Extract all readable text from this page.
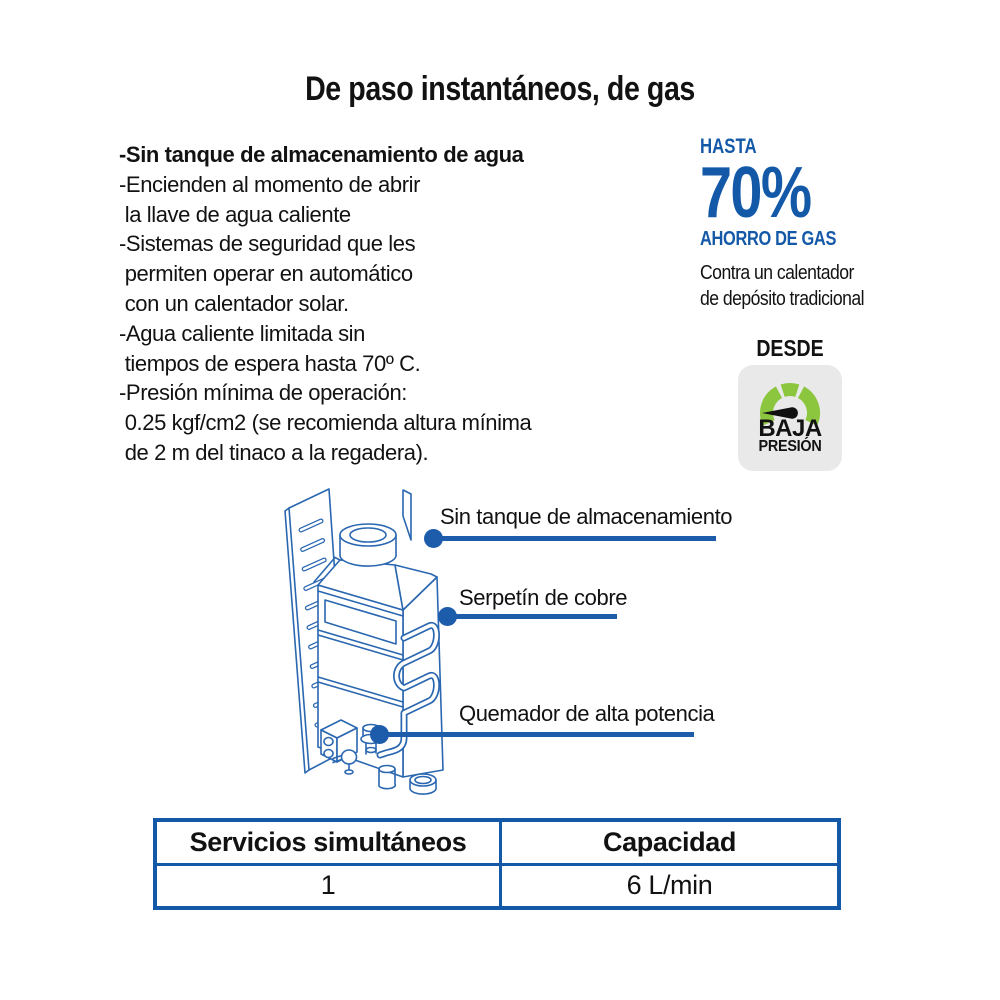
De paso instantáneos, de gas
-Sin tanque de almacenamiento de agua
-Encienden al momento de abrir
la llave de agua caliente
-Sistemas de seguridad que les
permiten operar en automático
con un calentador solar.
-Agua caliente limitada sin
tiempos de espera hasta 70º C.
-Presión mínima de operación:
0.25 kgf/cm2 (se recomienda altura mínima
de 2 m del tinaco a la regadera).
HASTA
70%
AHORRO DE GAS
Contra un calentador
de depósito tradicional
DESDE
BAJA
PRESIÓN
Sin tanque de almacenamiento
Serpetín de cobre
Quemador de alta potencia
Servicios simultáneos	Capacidad
1	6 L/min
